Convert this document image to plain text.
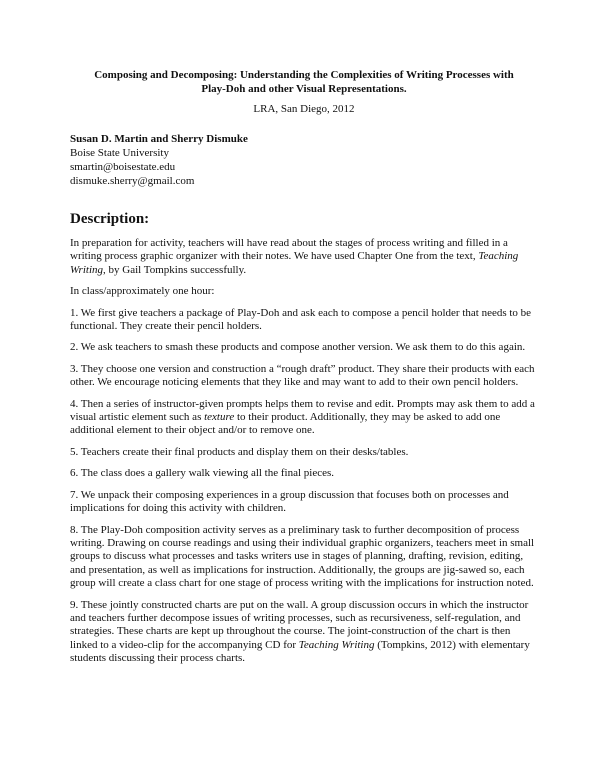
Composing and Decomposing: Understanding the Complexities of Writing Processes with
Play-Doh and other Visual Representations.

LRA, San Diego, 2012

Susan D. Martin and Sherry Dismuke
Boise State University
smartin@boisestate.edu
dismuke.sherry@gmail.com
Description:

In preparation for activity, teachers will have read about the stages of process writing and filled in a writing process graphic organizer with their notes. We have used Chapter One from the text, Teaching Writing, by Gail Tompkins successfully.

In class/approximately one hour:

1. We first give teachers a package of Play-Doh and ask each to compose a pencil holder that needs to be functional. They create their pencil holders.

2. We ask teachers to smash these products and compose another version. We ask them to do this again.

3. They choose one version and construction a “rough draft” product. They share their products with each other. We encourage noticing elements that they like and may want to add to their own pencil holders.

4. Then a series of instructor-given prompts helps them to revise and edit. Prompts may ask them to add a visual artistic element such as texture to their product. Additionally, they may be asked to add one additional element to their object and/or to remove one.

5. Teachers create their final products and display them on their desks/tables.

6. The class does a gallery walk viewing all the final pieces.

7. We unpack their composing experiences in a group discussion that focuses both on processes and implications for doing this activity with children.

8. The Play-Doh composition activity serves as a preliminary task to further decomposition of process writing. Drawing on course readings and using their individual graphic organizers, teachers meet in small groups to discuss what processes and tasks writers use in stages of planning, drafting, revision, editing, and presentation, as well as implications for instruction. Additionally, the groups are jig-sawed so, each group will create a class chart for one stage of process writing with the implications for instruction noted.

9. These jointly constructed charts are put on the wall. A group discussion occurs in which the instructor and teachers further decompose issues of writing processes, such as recursiveness, self-regulation, and strategies. These charts are kept up throughout the course. The joint-construction of the chart is then linked to a video-clip for the accompanying CD for Teaching Writing (Tompkins, 2012) with elementary students discussing their process charts.
